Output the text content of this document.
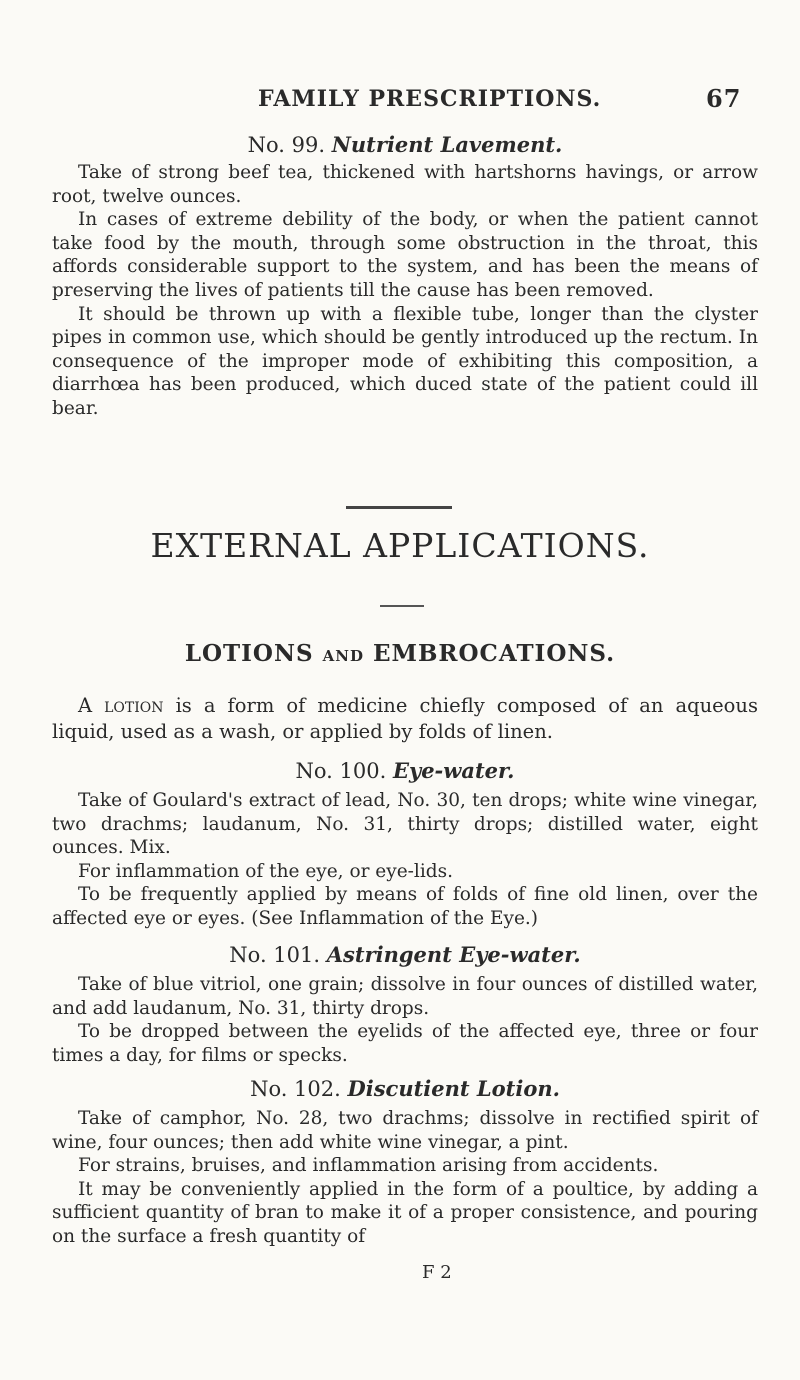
FAMILY PRESCRIPTIONS.	67
No. 99. Nutrient Lavement.
Take of strong beef tea, thickened with hartshorns havings, or arrow root, twelve ounces.
In cases of extreme debility of the body, or when the patient cannot take food by the mouth, through some obstruction in the throat, this affords considerable support to the system, and has been the means of preserving the lives of patients till the cause has been removed.
It should be thrown up with a flexible tube, longer than the clyster pipes in common use, which should be gently introduced up the rectum. In consequence of the improper mode of exhibiting this composition, a diarrhœa has been produced, which duced state of the patient could ill bear.
EXTERNAL APPLICATIONS.
LOTIONS AND EMBROCATIONS.
A lotion is a form of medicine chiefly composed of an aqueous liquid, used as a wash, or applied by folds of linen.
No. 100. Eye-water.
Take of Goulard's extract of lead, No. 30, ten drops; white wine vinegar, two drachms; laudanum, No. 31, thirty drops; distilled water, eight ounces. Mix.
For inflammation of the eye, or eye-lids.
To be frequently applied by means of folds of fine old linen, over the affected eye or eyes. (See Inflammation of the Eye.)
No. 101. Astringent Eye-water.
Take of blue vitriol, one grain; dissolve in four ounces of distilled water, and add laudanum, No. 31, thirty drops.
To be dropped between the eyelids of the affected eye, three or four times a day, for films or specks.
No. 102. Discutient Lotion.
Take of camphor, No. 28, two drachms; dissolve in rectified spirit of wine, four ounces; then add white wine vinegar, a pint.
For strains, bruises, and inflammation arising from accidents.
It may be conveniently applied in the form of a poultice, by adding a sufficient quantity of bran to make it of a proper consistence, and pouring on the surface a fresh quantity of
F 2
